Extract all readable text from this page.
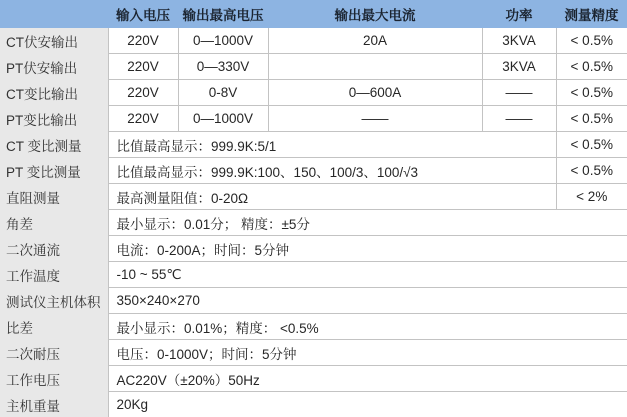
	输入电压	输出最高电压	输出最大电流	功率	测量精度
CT伏安输出	220V	0—1000V	20A	3KVA	< 0.5%
PT伏安输出	220V	0—330V		3KVA	< 0.5%
CT变比输出	220V	0-8V	0—600A	——	< 0.5%
PT变比输出	220V	0—1000V	——	——	< 0.5%
CT 变比测量	比值最高显示：999.9K:5/1				< 0.5%
PT 变比测量	比值最高显示：999.9K:100、150、100/3、100/√3				< 0.5%
直阻测量	最高测量阻值：0-20Ω				< 2%
角差	最小显示：0.01分； 精度：±5分				
二次通流	电流：0-200A；时间：5分钟				
工作温度	-10 ~ 55℃				
测试仪主机体积	350×240×270				
比差	最小显示：0.01%；精度： <0.5%				
二次耐压	电压：0-1000V；时间：5分钟				
工作电压	AC220V（±20%）50Hz				
主机重量	20Kg				
